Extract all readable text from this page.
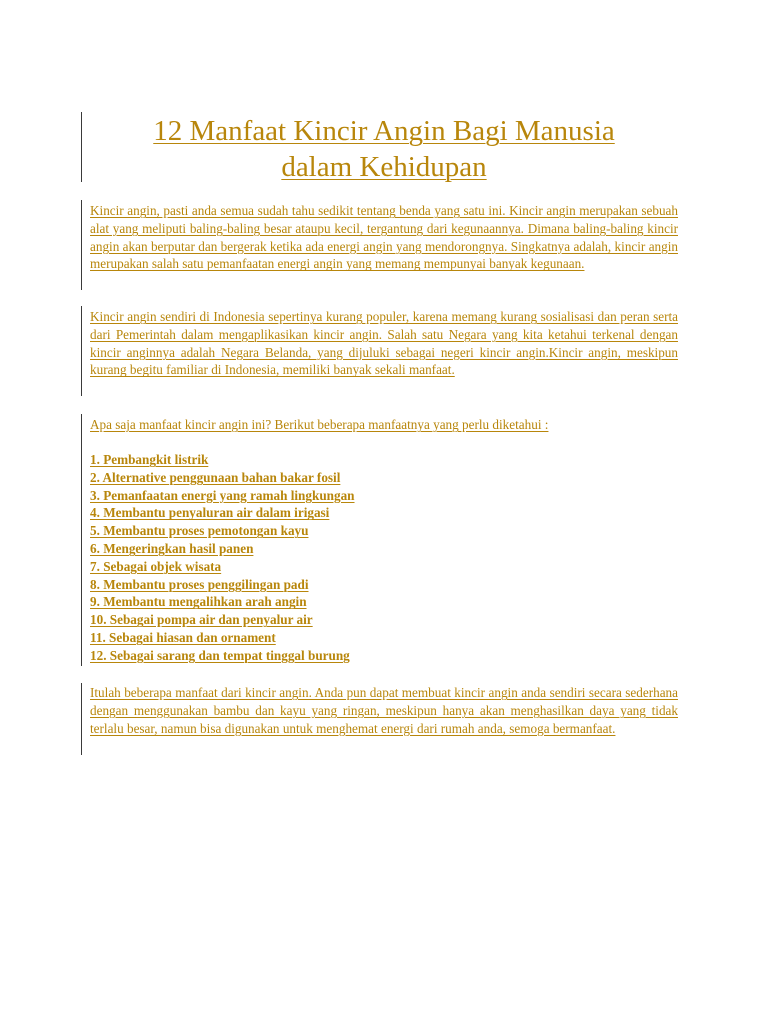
12 Manfaat Kincir Angin Bagi Manusia
dalam Kehidupan
Kincir angin, pasti anda semua sudah tahu sedikit tentang benda yang satu ini. Kincir angin merupakan sebuah alat yang meliputi baling-baling besar ataupu kecil, tergantung dari kegunaannya. Dimana baling-baling kincir angin akan berputar dan bergerak ketika ada energi angin yang mendorongnya. Singkatnya adalah, kincir angin merupakan salah satu pemanfaatan energi angin yang memang mempunyai banyak kegunaan.
Kincir angin sendiri di Indonesia sepertinya kurang populer, karena memang kurang sosialisasi dan peran serta dari Pemerintah dalam mengaplikasikan kincir angin. Salah satu Negara yang kita ketahui terkenal dengan kincir anginnya adalah Negara Belanda, yang dijuluki sebagai negeri kincir angin.Kincir angin, meskipun kurang begitu familiar di Indonesia, memiliki banyak sekali manfaat.
Apa saja manfaat kincir angin ini? Berikut beberapa manfaatnya yang perlu diketahui :
1. Pembangkit listrik
2. Alternative penggunaan bahan bakar fosil
3. Pemanfaatan energi yang ramah lingkungan
4. Membantu penyaluran air dalam irigasi
5. Membantu proses pemotongan kayu
6. Mengeringkan hasil panen
7. Sebagai objek wisata
8. Membantu proses penggilingan padi
9. Membantu mengalihkan arah angin
10. Sebagai pompa air dan penyalur air
11. Sebagai hiasan dan ornament
12. Sebagai sarang dan tempat tinggal burung
Itulah beberapa manfaat dari kincir angin. Anda pun dapat membuat kincir angin anda sendiri secara sederhana dengan menggunakan bambu dan kayu yang ringan, meskipun hanya akan menghasilkan daya yang tidak terlalu besar, namun bisa digunakan untuk menghemat energi dari rumah anda, semoga bermanfaat.
